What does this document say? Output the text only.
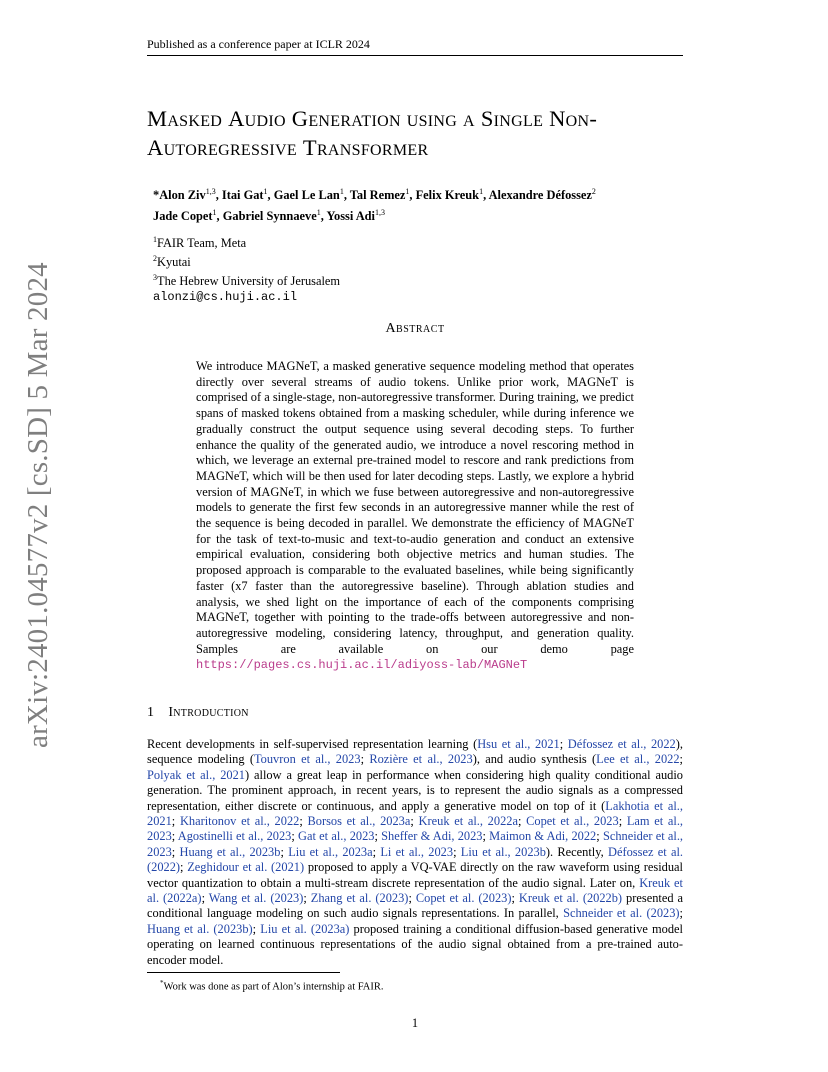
Published as a conference paper at ICLR 2024
arXiv:2401.04577v2 [cs.SD] 5 Mar 2024
Masked Audio Generation using a Single Non-
Autoregressive Transformer
*Alon Ziv$^{1,3}$, Itai Gat$^1$, Gael Le Lan$^1$, Tal Remez$^1$, Felix Kreuk$^1$, Alexandre Défossez$^2$
Jade Copet$^1$, Gabriel Synnaeve$^1$, Yossi Adi$^{1,3}$
$^1$FAIR Team, Meta
$^2$Kyutai
$^3$The Hebrew University of Jerusalem
alonzi@cs.huji.ac.il
Abstract
We introduce MAGNeT, a masked generative sequence modeling method that operates directly over several streams of audio tokens. Unlike prior work, MAGNeT is comprised of a single-stage, non-autoregressive transformer. During training, we predict spans of masked tokens obtained from a masking scheduler, while during inference we gradually construct the output sequence using several decoding steps. To further enhance the quality of the generated audio, we introduce a novel rescoring method in which, we leverage an external pre-trained model to rescore and rank predictions from MAGNeT, which will be then used for later decoding steps. Lastly, we explore a hybrid version of MAGNeT, in which we fuse between autoregressive and non-autoregressive models to generate the first few seconds in an autoregressive manner while the rest of the sequence is being decoded in parallel. We demonstrate the efficiency of MAGNeT for the task of text-to-music and text-to-audio generation and conduct an extensive empirical evaluation, considering both objective metrics and human studies. The proposed approach is comparable to the evaluated baselines, while being significantly faster (x7 faster than the autoregressive baseline). Through ablation studies and analysis, we shed light on the importance of each of the components comprising MAGNeT, together with pointing to the trade-offs between autoregressive and non-autoregressive modeling, considering latency, throughput, and generation quality. Samples are available on our demo page https://pages.cs.huji.ac.il/adiyoss-lab/MAGNeT
1 Introduction
Recent developments in self-supervised representation learning (Hsu et al., 2021; Défossez et al., 2022), sequence modeling (Touvron et al., 2023; Rozière et al., 2023), and audio synthesis (Lee et al., 2022; Polyak et al., 2021) allow a great leap in performance when considering high quality conditional audio generation. The prominent approach, in recent years, is to represent the audio signals as a compressed representation, either discrete or continuous, and apply a generative model on top of it (Lakhotia et al., 2021; Kharitonov et al., 2022; Borsos et al., 2023a; Kreuk et al., 2022a; Copet et al., 2023; Lam et al., 2023; Agostinelli et al., 2023; Gat et al., 2023; Sheffer & Adi, 2023; Maimon & Adi, 2022; Schneider et al., 2023; Huang et al., 2023b; Liu et al., 2023a; Li et al., 2023; Liu et al., 2023b). Recently, Défossez et al. (2022); Zeghidour et al. (2021) proposed to apply a VQ-VAE directly on the raw waveform using residual vector quantization to obtain a multi-stream discrete representation of the audio signal. Later on, Kreuk et al. (2022a); Wang et al. (2023); Zhang et al. (2023); Copet et al. (2023); Kreuk et al. (2022b) presented a conditional language modeling on such audio signals representations. In parallel, Schneider et al. (2023); Huang et al. (2023b); Liu et al. (2023a) proposed training a conditional diffusion-based generative model operating on learned continuous representations of the audio signal obtained from a pre-trained auto-encoder model.
*Work was done as part of Alon’s internship at FAIR.
1
